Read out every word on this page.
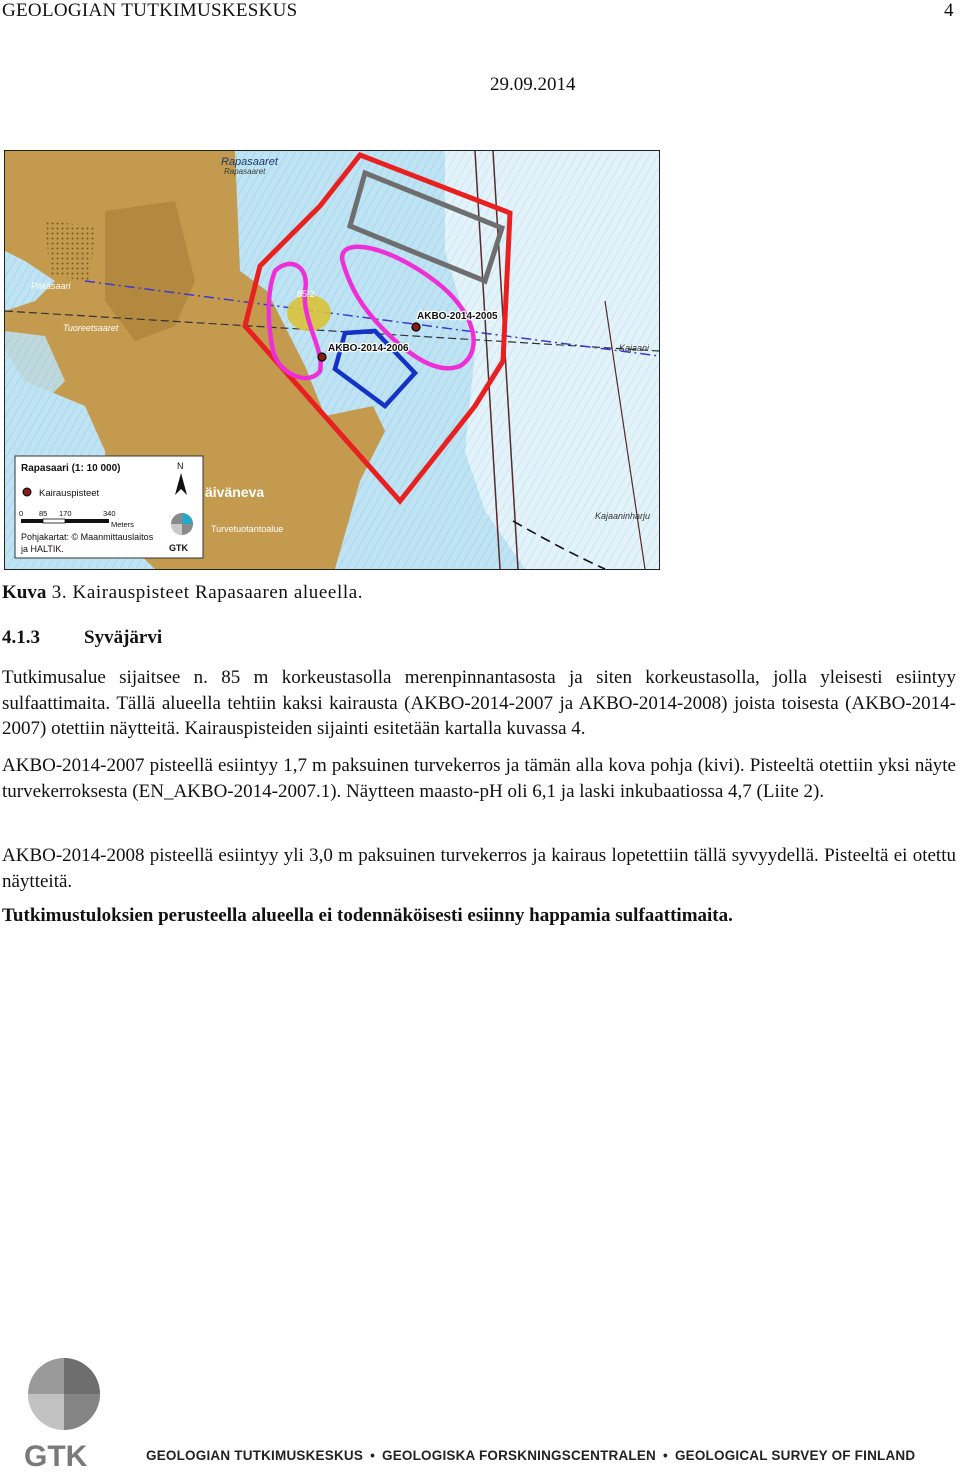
GEOLOGIAN TUTKIMUSKESKUS	4
29.09.2014
Rapasaaret
Rapasaaret
Pitkäsaari
Tuoreetsaaret
Kajaani
äiväneva
Kajaaninharju
Turvetuotantoalue
85.2
AKBO-2014-2005
AKBO-2014-2006
Rapasaari (1: 10 000)	N
Kairauspisteet
0 85 170	340
Meters
Pohjakartat: © Maanmittauslaitos
ja HALTIK.	GTK
Kuva 3. Kairauspisteet Rapasaaren alueella.
4.1.3 Syväjärvi
Tutkimusalue sijaitsee n. 85 m korkeustasolla merenpinnantasosta ja siten korkeustasolla, jolla yleisesti esiintyy sulfaattimaita. Tällä alueella tehtiin kaksi kairausta (AKBO-2014-2007 ja AKBO-2014-2008) joista toisesta (AKBO-2014-2007) otettiin näytteitä. Kairauspisteiden sijainti esitetään kartalla kuvassa 4.
AKBO-2014-2007 pisteellä esiintyy 1,7 m paksuinen turvekerros ja tämän alla kova pohja (kivi). Pisteeltä otettiin yksi näyte turvekerroksesta (EN_AKBO-2014-2007.1). Näytteen maasto-pH oli 6,1 ja laski inkubaatiossa 4,7 (Liite 2).
AKBO-2014-2008 pisteellä esiintyy yli 3,0 m paksuinen turvekerros ja kairaus lopetettiin tällä syvyydellä. Pisteeltä ei otettu näytteitä.
Tutkimustuloksien perusteella alueella ei todennäköisesti esiinny happamia sulfaattimaita.
GTK	GEOLOGIAN TUTKIMUSKESKUS • GEOLOGISKA FORSKNINGSCENTRALEN • GEOLOGICAL SURVEY OF FINLAND
